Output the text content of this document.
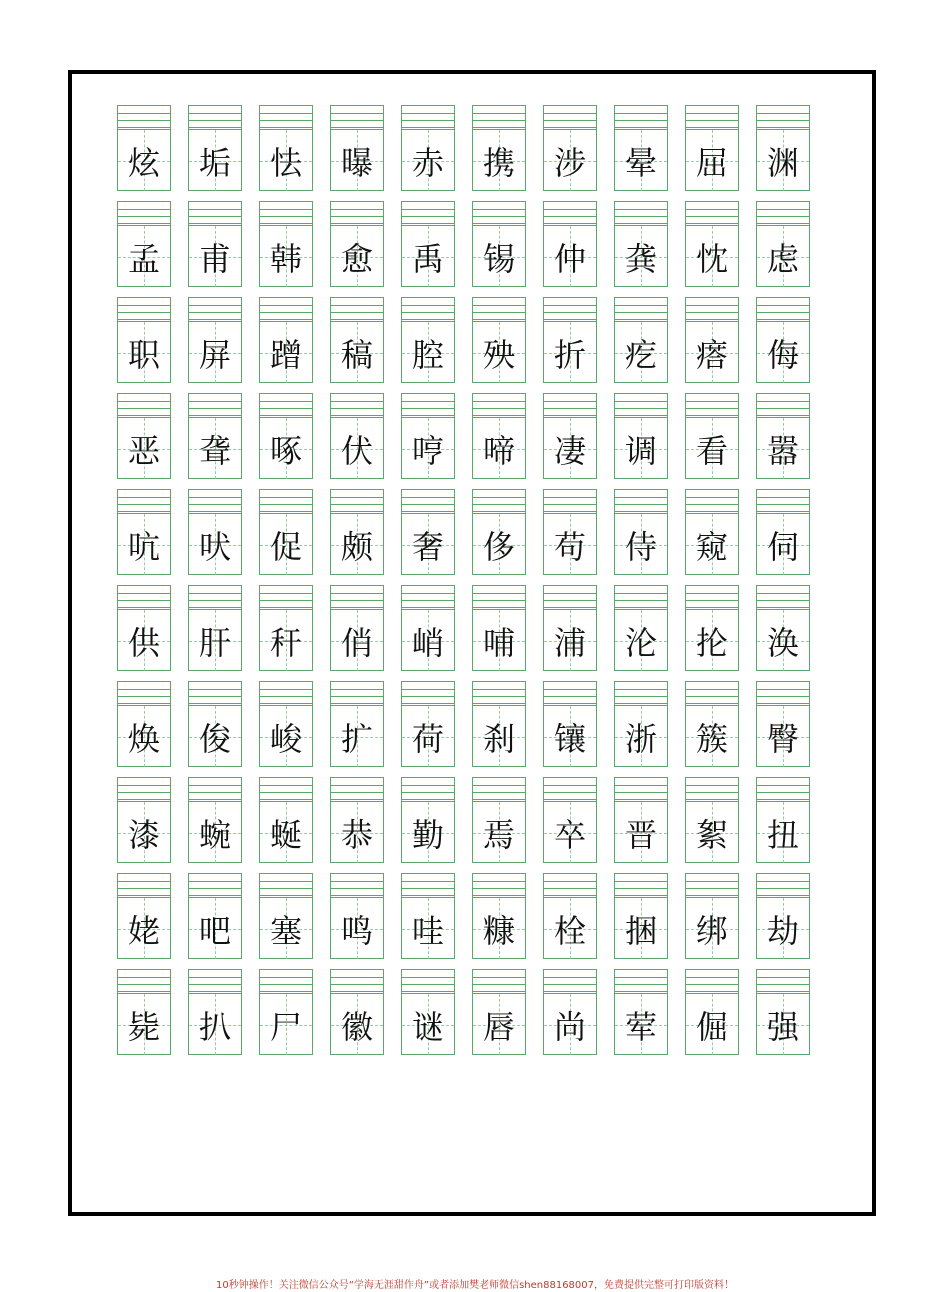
炫	垢	怯	曝	赤	携	涉	晕	屈	渊
孟	甫	韩	愈	禹	锡	仲	龚	忱	虑
职	屏	蹭	稿	腔	殃	折	疙	瘩	侮
恶	聋	啄	伏	哼	啼	凄	调	看	嚣
吭	吠	促	颇	奢	侈	苟	侍	窥	伺
供	肝	秆	俏	峭	哺	浦	沦	抡	涣
焕	俊	峻	扩	荷	刹	镶	浙	簇	臀
漆	蜿	蜒	恭	勤	焉	卒	晋	絮	扭
姥	吧	塞	鸣	哇	糠	栓	捆	绑	劫
毙	扒	尸	徽	谜	唇	尚	荤	倔	强
10秒钟操作！关注微信公众号“学海无涯甜作舟”或者添加樊老师微信shen88168007，免费提供完整可打印版资料！
